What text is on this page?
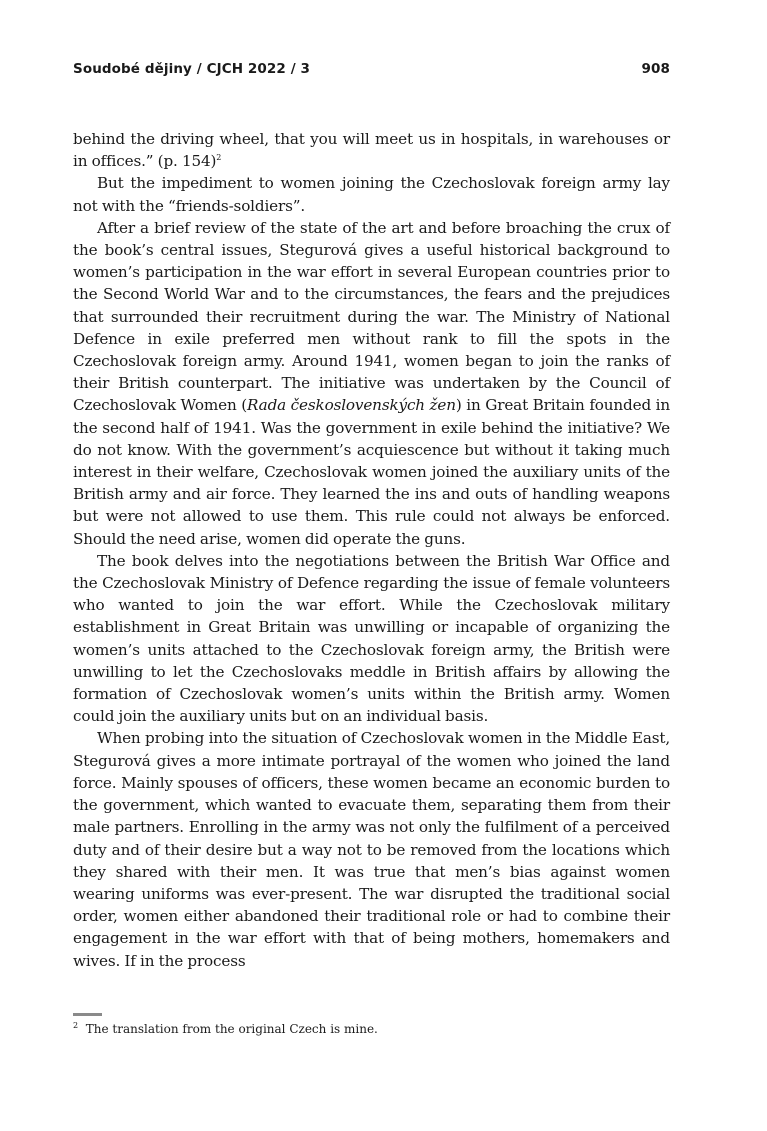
Soudobé dějiny / CJCH 2022 / 3	908

behind the driving wheel, that you will meet us in hospitals, in warehouses or in offices.” (p. 154)$^2$

But the impediment to women joining the Czechoslovak foreign army lay not with the “friends-soldiers”.

After a brief review of the state of the art and before broaching the crux of the book’s central issues, Stegurová gives a useful historical background to women’s participation in the war effort in several European countries prior to the Second World War and to the circumstances, the fears and the prejudices that surrounded their recruitment during the war. The Ministry of National Defence in exile preferred men without rank to fill the spots in the Czechoslovak foreign army. Around 1941, women began to join the ranks of their British counterpart. The initiative was undertaken by the Council of Czechoslovak Women (Rada československých žen) in Great Britain founded in the second half of 1941. Was the government in exile behind the initiative? We do not know. With the government’s acquiescence but without it taking much interest in their welfare, Czechoslovak women joined the auxiliary units of the British army and air force. They learned the ins and outs of handling weapons but were not allowed to use them. This rule could not always be enforced. Should the need arise, women did operate the guns.

The book delves into the negotiations between the British War Office and the Czechoslovak Ministry of Defence regarding the issue of female volunteers who wanted to join the war effort. While the Czechoslovak military establishment in Great Britain was unwilling or incapable of organizing the women’s units attached to the Czechoslovak foreign army, the British were unwilling to let the Czechoslovaks meddle in British affairs by allowing the formation of Czechoslovak women’s units within the British army. Women could join the auxiliary units but on an individual basis.

When probing into the situation of Czechoslovak women in the Middle East, Stegurová gives a more intimate portrayal of the women who joined the land force. Mainly spouses of officers, these women became an economic burden to the government, which wanted to evacuate them, separating them from their male partners. Enrolling in the army was not only the fulfilment of a perceived duty and of their desire but a way not to be removed from the locations which they shared with their men. It was true that men’s bias against women wearing uniforms was ever-present. The war disrupted the traditional social order, women either abandoned their traditional role or had to combine their engagement in the war effort with that of being mothers, homemakers and wives. If in the process

$^2$ The translation from the original Czech is mine.
